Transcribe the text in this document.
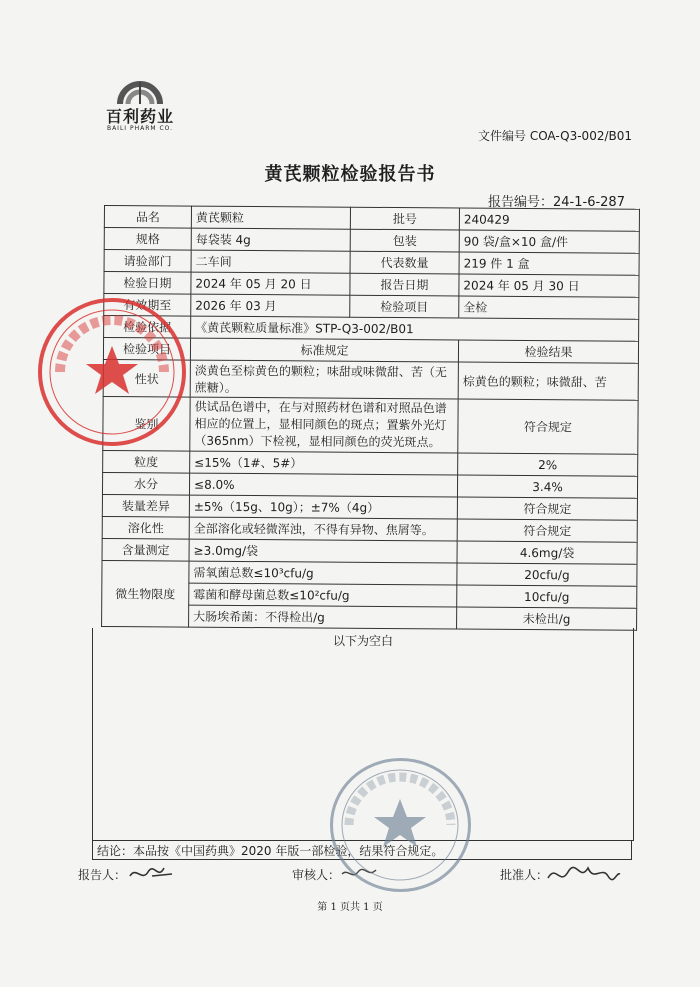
百利药业
BAILI PHARM CO.
文件编号 COA-Q3-002/B01
黄芪颗粒检验报告书
报告编号：24-1-6-287
品名	黄芪颗粒	批号	240429
规格	每袋装 4g	包装	90 袋/盒×10 盒/件
请验部门	二车间	代表数量	219 件 1 盒
检验日期	2024 年 05 月 20 日	报告日期	2024 年 05 月 30 日
有效期至	2026 年 03 月	检验项目	全检
检验依据	《黄芪颗粒质量标准》STP-Q3-002/B01		
检验项目	标准规定		检验结果
性状	淡黄色至棕黄色的颗粒；味甜或味微甜、苦（无蔗糖）。		棕黄色的颗粒；味微甜、苦
鉴别	供试品色谱中，在与对照药材色谱和对照品色谱相应的位置上，显相同颜色的斑点；置紫外光灯（365nm）下检视，显相同颜色的荧光斑点。		符合规定
粒度	≤15%（1#、5#）		2%
水分	≤8.0%		3.4%
装量差异	±5%（15g、10g）；±7%（4g）		符合规定
溶化性	全部溶化或轻微浑浊，不得有异物、焦屑等。		符合规定
含量测定	≥3.0mg/袋		4.6mg/袋
微生物限度	需氧菌总数≤10³cfu/g		20cfu/g
	霉菌和酵母菌总数≤10²cfu/g		10cfu/g
	大肠埃希菌：不得检出/g		未检出/g
以下为空白
结论：本品按《中国药典》2020 年版一部检验，结果符合规定。
报告人：	审核人：	批准人：
第 1 页共 1 页
